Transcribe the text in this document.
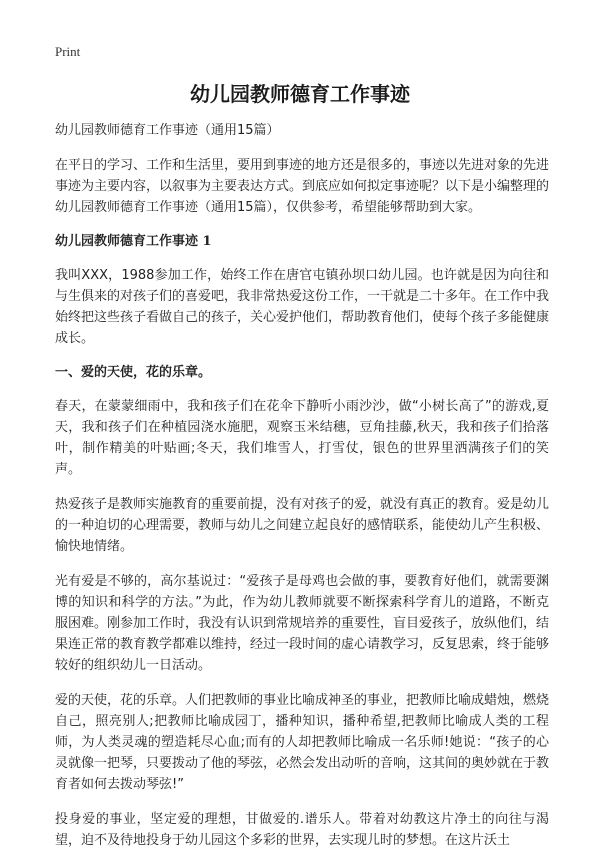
Print
幼儿园教师德育工作事迹
幼儿园教师德育工作事迹（通用15篇）

在平日的学习、工作和生活里，要用到事迹的地方还是很多的，事迹以先进对象的先进事迹为主要内容，以叙事为主要表达方式。到底应如何拟定事迹呢？以下是小编整理的幼儿园教师德育工作事迹（通用15篇），仅供参考，希望能够帮助到大家。

幼儿园教师德育工作事迹 1

我叫XXX，1988参加工作，始终工作在唐官屯镇孙坝口幼儿园。也许就是因为向往和与生俱来的对孩子们的喜爱吧，我非常热爱这份工作，一干就是二十多年。在工作中我始终把这些孩子看做自己的孩子，关心爱护他们，帮助教育他们，使每个孩子多能健康成长。

一、爱的天使，花的乐章。

春天，在蒙蒙细雨中，我和孩子们在花伞下静听小雨沙沙，做“小树长高了”的游戏,夏天，我和孩子们在种植园浇水施肥，观察玉米结穗，豆角挂藤,秋天，我和孩子们拾落叶，制作精美的叶贴画;冬天，我们堆雪人，打雪仗，银色的世界里洒满孩子们的笑声。

热爱孩子是教师实施教育的重要前提，没有对孩子的爱，就没有真正的教育。爱是幼儿的一种迫切的心理需要，教师与幼儿之间建立起良好的感情联系，能使幼儿产生积极、愉快地情绪。

光有爱是不够的，高尔基说过：“爱孩子是母鸡也会做的事，要教育好他们，就需要渊博的知识和科学的方法。”为此，作为幼儿教师就要不断探索科学育儿的道路，不断克服困难。刚参加工作时，我没有认识到常规培养的重要性，盲目爱孩子，放纵他们，结果连正常的教育教学都难以维持，经过一段时间的虚心请教学习，反复思索，终于能够较好的组织幼儿一日活动。

爱的天使，花的乐章。人们把教师的事业比喻成神圣的事业，把教师比喻成蜡烛，燃烧自己，照亮别人;把教师比喻成园丁，播种知识，播种希望,把教师比喻成人类的工程师，为人类灵魂的塑造耗尽心血;而有的人却把教师比喻成一名乐师!她说：“孩子的心灵就像一把琴，只要拨动了他的琴弦，必然会发出动听的音响，这其间的奥妙就在于教育者如何去拨动琴弦!”

投身爱的事业，坚定爱的理想，甘做爱的.谱乐人。带着对幼教这片净土的向往与渴望，迫不及待地投身于幼儿园这个多彩的世界，去实现儿时的梦想。在这片沃土
